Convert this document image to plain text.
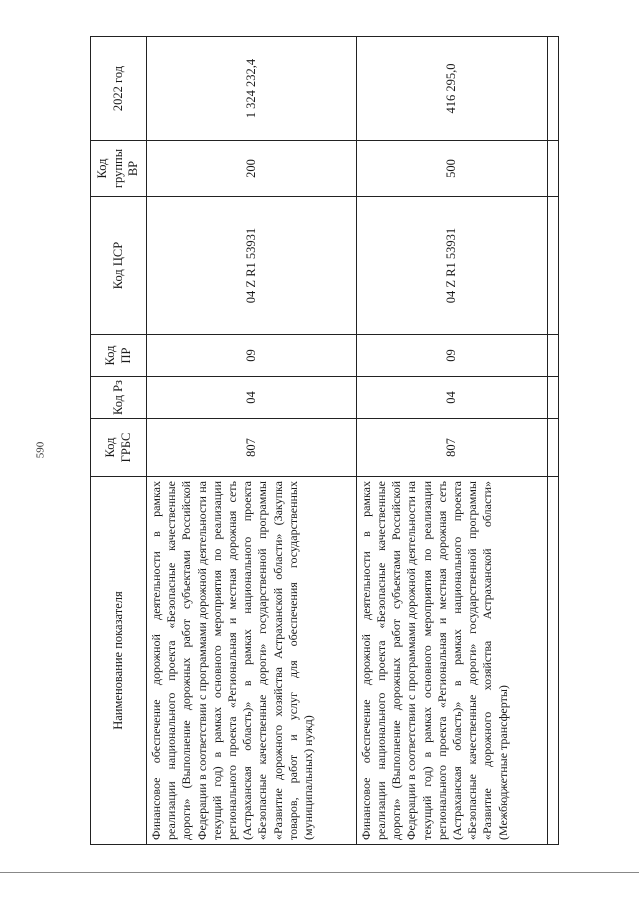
590
Наименование показателя	Код ГРБС	Код Рз	Код ПР	Код ЦСР	Код группы ВР	2022 год
Финансовое обеспечение дорожной деятельности в рамках реализации национального проекта «Безопасные качественные дороги» (Выполнение дорожных работ субъектами Российской Федерации в соответствии с программами дорожной деятельности на текущий год) в рамках основного мероприятия по реализации регионального проекта «Региональная и местная дорожная сеть (Астраханская область)» в рамках национального проекта «Безопасные качественные дороги» государственной программы «Развитие дорожного хозяйства Астраханской области» (Закупка товаров, работ и услуг для обеспечения государственных (муниципальных) нужд)	807	04	09	04 Z R1 53931	200	1 324 232,4
Финансовое обеспечение дорожной деятельности в рамках реализации национального проекта «Безопасные качественные дороги» (Выполнение дорожных работ субъектами Российской Федерации в соответствии с программами дорожной деятельности на текущий год) в рамках основного мероприятия по реализации регионального проекта «Региональная и местная дорожная сеть (Астраханская область)» в рамках национального проекта «Безопасные качественные дороги» государственной программы «Развитие дорожного хозяйства Астраханской области» (Межбюджетные трансферты)	807	04	09	04 Z R1 53931	500	416 295,0
